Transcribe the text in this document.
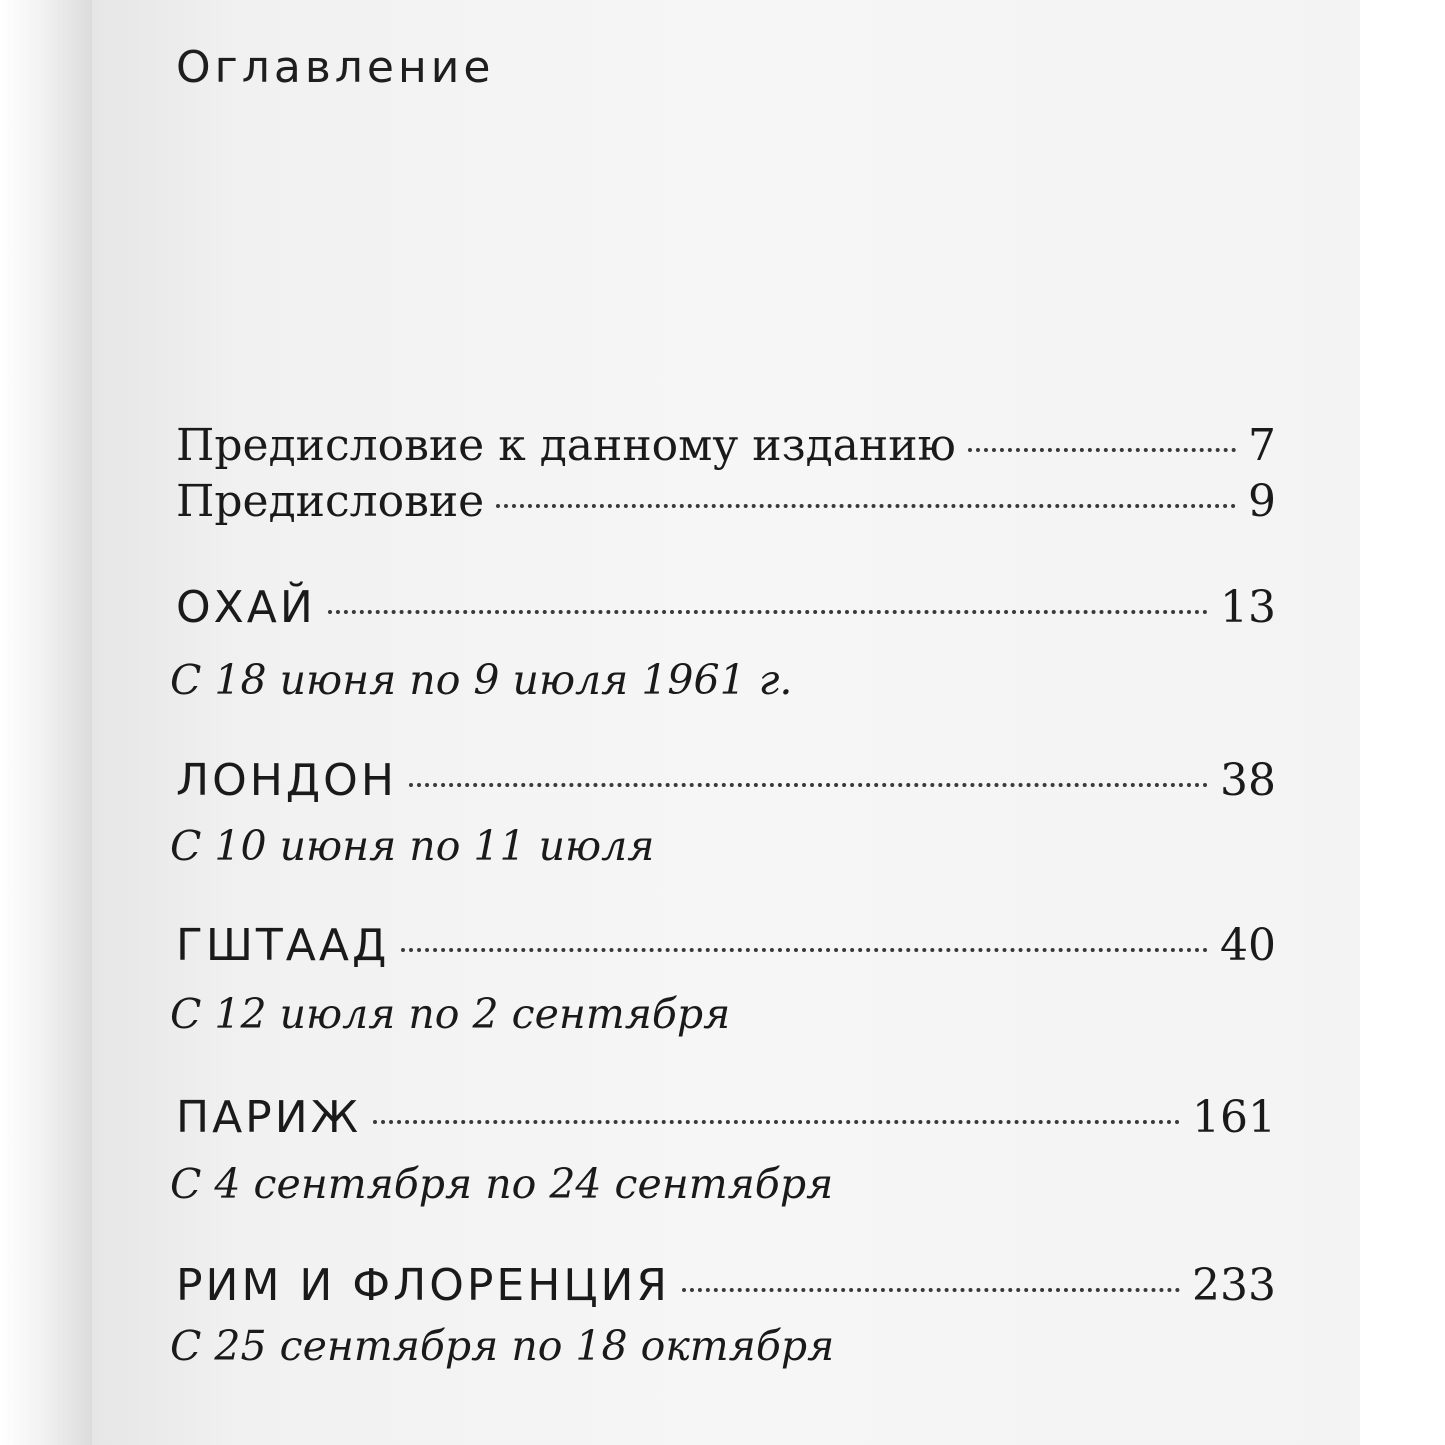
Оглавление
Предисловие к данному изданию	7
Предисловие	9
ОХАЙ	13

С 18 июня по 9 июля 1961 г.

ЛОНДОН	38

С 10 июня по 11 июля

ГШТААД	40

С 12 июля по 2 сентября

ПАРИЖ	161

С 4 сентября по 24 сентября

РИМ И ФЛОРЕНЦИЯ	233

С 25 сентября по 18 октября
